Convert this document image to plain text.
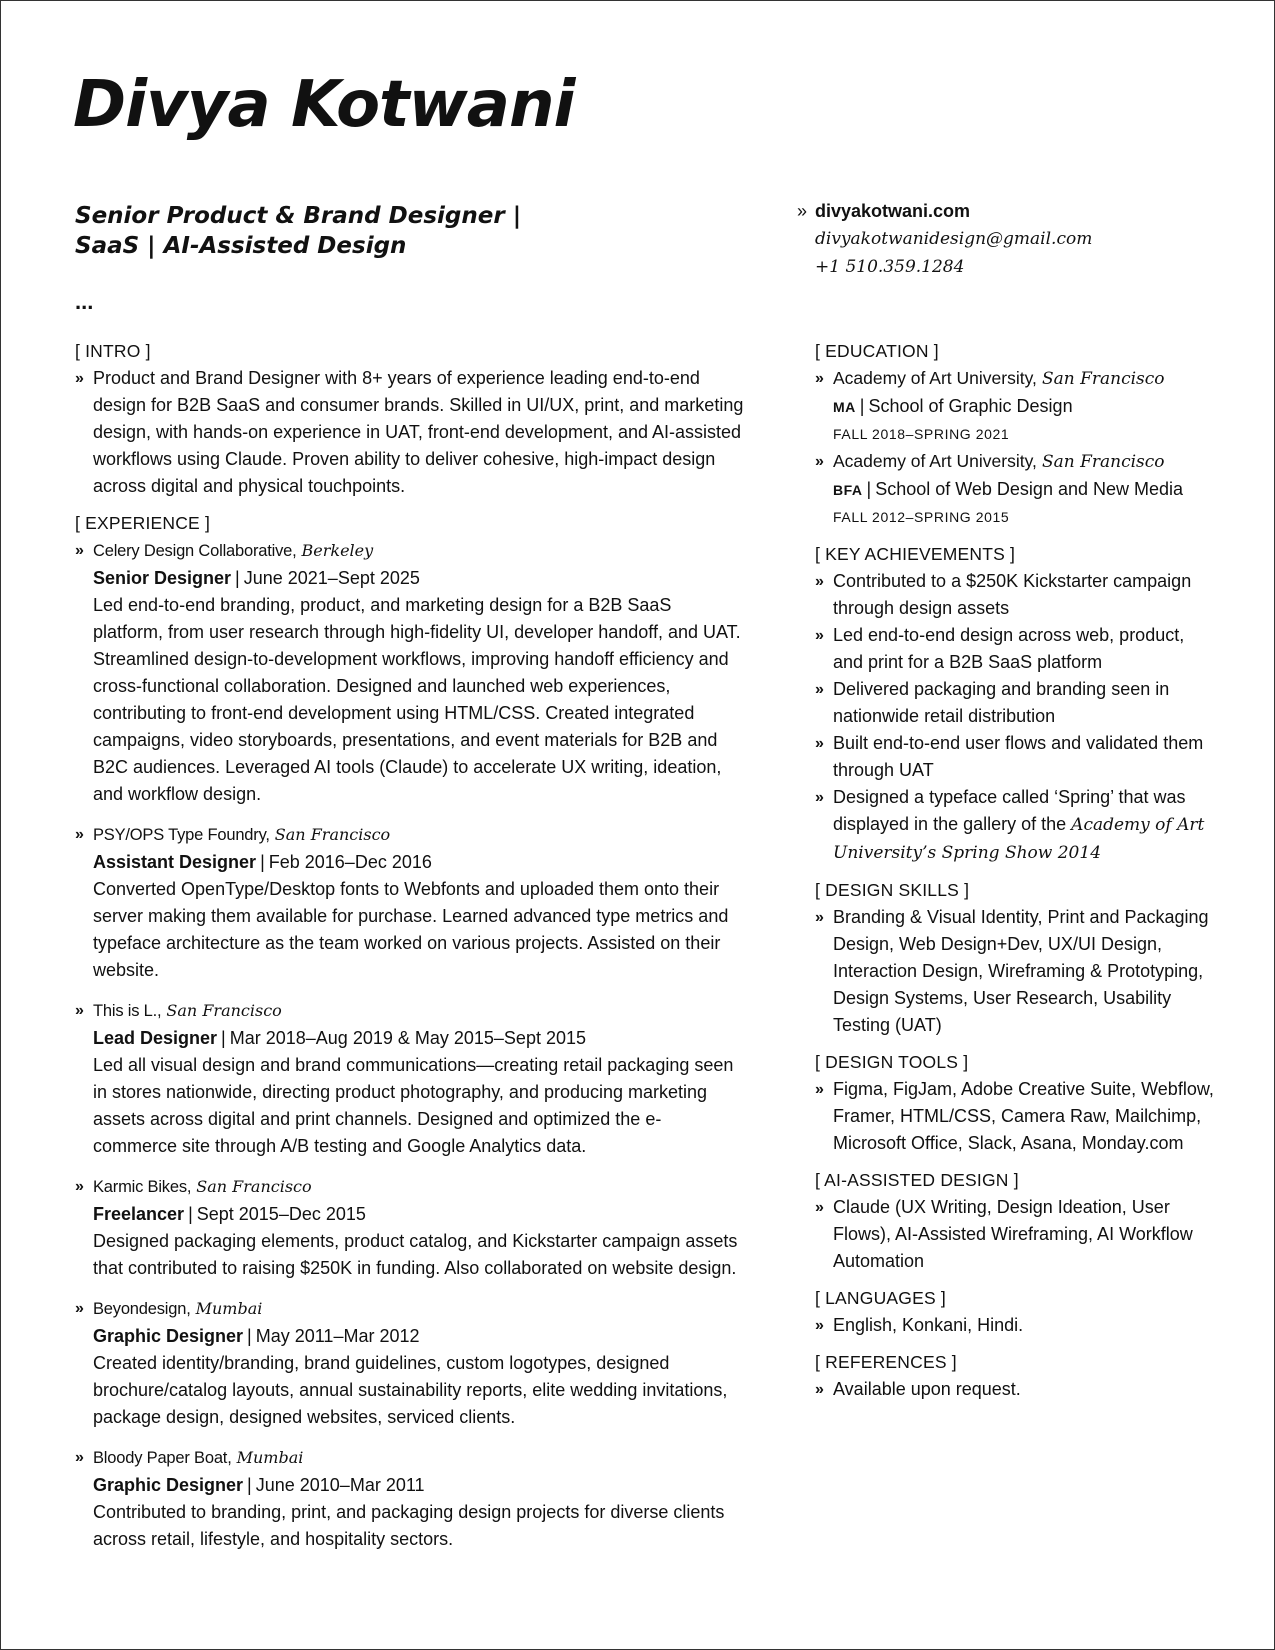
Divya Kotwani
Senior Product & Brand Designer |
SaaS | AI-Assisted Design
...
» divyakotwani.com
divyakotwanidesign@gmail.com
+1 510.359.1284
[ INTRO ]
» Product and Brand Designer with 8+ years of experience leading end-to-end design for B2B SaaS and consumer brands. Skilled in UI/UX, print, and marketing design, with hands-on experience in UAT, front-end development, and AI-assisted workflows using Claude. Proven ability to deliver cohesive, high-impact design across digital and physical touchpoints.
[ EXPERIENCE ]
» Celery Design Collaborative, Berkeley
Senior Designer | June 2021–Sept 2025
Led end-to-end branding, product, and marketing design for a B2B SaaS platform, from user research through high-fidelity UI, developer handoff, and UAT. Streamlined design-to-development workflows, improving handoff efficiency and cross-functional collaboration. Designed and launched web experiences, contributing to front-end development using HTML/CSS. Created integrated campaigns, video storyboards, presentations, and event materials for B2B and B2C audiences. Leveraged AI tools (Claude) to accelerate UX writing, ideation, and workflow design.
» PSY/OPS Type Foundry, San Francisco
Assistant Designer | Feb 2016–Dec 2016
Converted OpenType/Desktop fonts to Webfonts and uploaded them onto their server making them available for purchase. Learned advanced type metrics and typeface architecture as the team worked on various projects. Assisted on their website.
» This is L., San Francisco
Lead Designer | Mar 2018–Aug 2019 & May 2015–Sept 2015
Led all visual design and brand communications—creating retail packaging seen in stores nationwide, directing product photography, and producing marketing assets across digital and print channels. Designed and optimized the e-commerce site through A/B testing and Google Analytics data.
» Karmic Bikes, San Francisco
Freelancer | Sept 2015–Dec 2015
Designed packaging elements, product catalog, and Kickstarter campaign assets that contributed to raising $250K in funding. Also collaborated on website design.
» Beyondesign, Mumbai
Graphic Designer | May 2011–Mar 2012
Created identity/branding, brand guidelines, custom logotypes, designed brochure/catalog layouts, annual sustainability reports, elite wedding invitations, package design, designed websites, serviced clients.
» Bloody Paper Boat, Mumbai
Graphic Designer | June 2010–Mar 2011
Contributed to branding, print, and packaging design projects for diverse clients across retail, lifestyle, and hospitality sectors.
[ EDUCATION ]
» Academy of Art University, San Francisco
MA | School of Graphic Design
FALL 2018–SPRING 2021
» Academy of Art University, San Francisco
BFA | School of Web Design and New Media
FALL 2012–SPRING 2015
[ KEY ACHIEVEMENTS ]
» Contributed to a $250K Kickstarter campaign through design assets
» Led end-to-end design across web, product, and print for a B2B SaaS platform
» Delivered packaging and branding seen in nationwide retail distribution
» Built end-to-end user flows and validated them through UAT
» Designed a typeface called ‘Spring’ that was displayed in the gallery of the Academy of Art University’s Spring Show 2014
[ DESIGN SKILLS ]
» Branding & Visual Identity, Print and Packaging Design, Web Design+Dev, UX/UI Design, Interaction Design, Wireframing & Prototyping, Design Systems, User Research, Usability Testing (UAT)
[ DESIGN TOOLS ]
» Figma, FigJam, Adobe Creative Suite, Webflow, Framer, HTML/CSS, Camera Raw, Mailchimp, Microsoft Office, Slack, Asana, Monday.com
[ AI-ASSISTED DESIGN ]
» Claude (UX Writing, Design Ideation, User Flows), AI-Assisted Wireframing, AI Workflow Automation
[ LANGUAGES ]
» English, Konkani, Hindi.
[ REFERENCES ]
» Available upon request.
